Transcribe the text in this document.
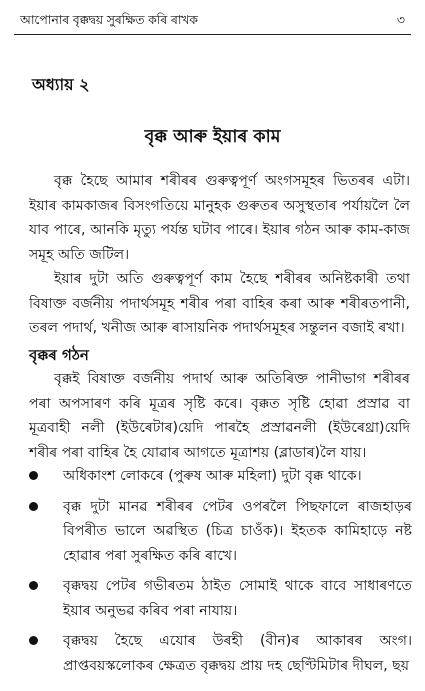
আপোনাৰ বৃক্কদ্বয় সুৰক্ষিত কৰি ৰাখক	৩
অধ্যায় ২
বৃক্ক আৰু ইয়াৰ কাম

বৃক্ক হৈছে আমাৰ শৰীৰৰ গুৰুত্বপূৰ্ণ অংগসমূহৰ ভিতৰৰ এটা। ইয়াৰ কামকাজৰ বিসংগতিয়ে মানুহক গুৰুতৰ অসুস্থতাৰ পৰ্যায়লৈ লৈ যাব পাৰে, আনকি মৃত্যু পৰ্যন্ত ঘটাব পাৰে। ইয়াৰ গঠন আৰু কাম-কাজ সমূহ অতি জটিল।

ইয়াৰ দুটা অতি গুৰুত্বপূৰ্ণ কাম হৈছে শৰীৰৰ অনিষ্টকাৰী তথা বিষাক্ত বৰ্জনীয় পদাৰ্থসমূহ শৰীৰ পৰা বাহিৰ কৰা আৰু শৰীৰতপানী, তৰল পদাৰ্থ, খনীজ আৰু ৰাসায়নিক পদাৰ্থসমূহৰ সন্তুলন বজাই ৰখা।

বৃক্কৰ গঠন

বৃক্কই বিষাক্ত বৰ্জনীয় পদাৰ্থ আৰু অতিৰিক্ত পানীভাগ শৰীৰৰ পৰা অপসাৰণ কৰি মূত্ৰৰ সৃষ্টি কৰে। বৃক্কত সৃষ্টি হোৱা প্ৰস্ৰাৱ বা মূত্ৰবাহী নলী (ইউৰেটাৰ)য়েদি পাৰহৈ প্ৰস্ৰাৱনলী (ইউৰেথ্ৰা)য়েদি শৰীৰ পৰা বাহিৰ হৈ যোৱাৰ আগতে মূত্ৰাশয় (ব্লাডাৰ)লৈ যায়।

অধিকাংশ লোকৰে (পুৰুষ আৰু মহিলা) দুটা বৃক্ক থাকে।
বৃক্ক দুটা মানৱ শৰীৰৰ পেটৰ ওপৰলৈ পিছফালে ৰাজহাড়ৰ বিপৰীত ভালে অৱস্থিত (চিত্ৰ চাওঁক)। ইহতক কামিহাড়ে নষ্ট হোৱাৰ পৰা সুৰক্ষিত কৰি ৰাখে।
বৃক্কদ্বয় পেটৰ গভীৰতম ঠাইত সোমাই থাকে বাবে সাধাৰণতে ইয়াৰ অনুভৱ কৰিব পৰা নাযায়।
বৃক্কদ্বয় হৈছে এযোৰ উৰহী (বীন)ৰ আকাৰৰ অংগ। প্ৰাপ্তবয়স্কলোকৰ ক্ষেত্ৰত বৃক্কদ্বয় প্ৰায় দহ ছেণ্টিমিটাৰ দীঘল, ছয়
